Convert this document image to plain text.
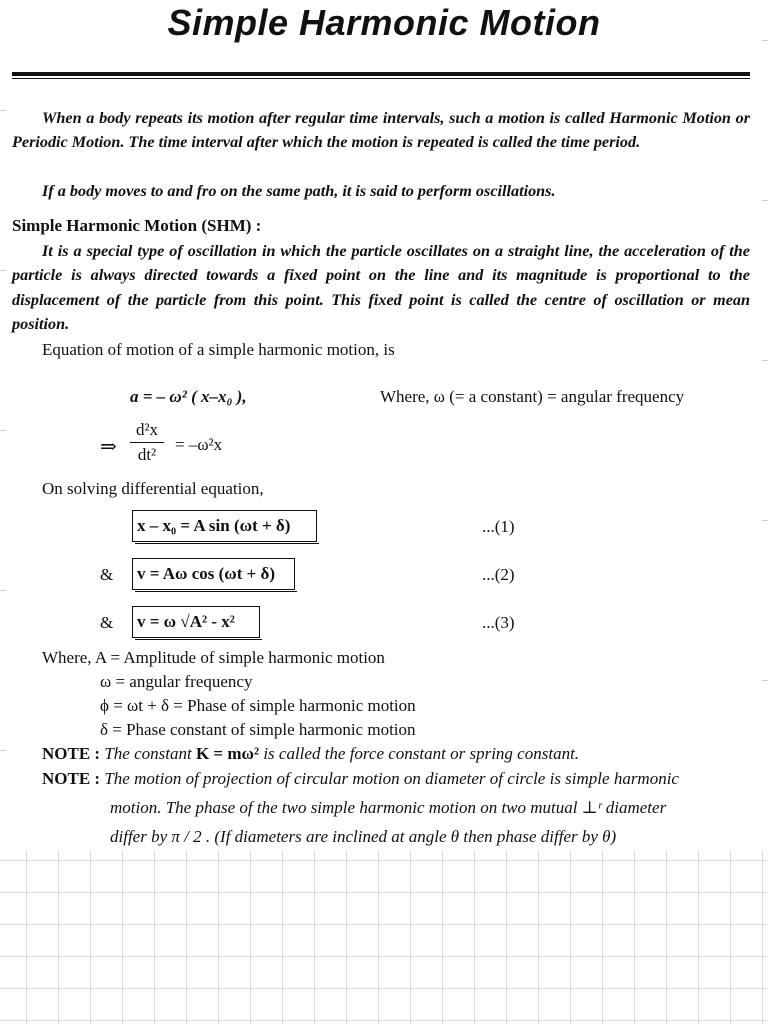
Simple Harmonic Motion
When a body repeats its motion after regular time intervals, such a motion is called Harmonic Motion or Periodic Motion. The time interval after which the motion is repeated is called the time period.
If a body moves to and fro on the same path, it is said to perform oscillations.
Simple Harmonic Motion (SHM) :
It is a special type of oscillation in which the particle oscillates on a straight line, the acceleration of the particle is always directed towards a fixed point on the line and its magnitude is proportional to the displacement of the particle from this point. This fixed point is called the centre of oscillation or mean position.
Equation of motion of a simple harmonic motion, is
a = – ω² ( x–x₀ ),	Where, ω (= a constant) = angular frequency
⇒
d²x
dt²
= –ω²x
On solving differential equation,
x – x₀ = A sin (ωt + δ)	...(1)
& v = Aω cos (ωt + δ)	...(2)
& v = ω √A² - x²	...(3)
Where, A = Amplitude of simple harmonic motion
ω = angular frequency
ϕ = ωt + δ = Phase of simple harmonic motion
δ = Phase constant of simple harmonic motion
NOTE : The constant K = mω² is called the force constant or spring constant.
NOTE : The motion of projection of circular motion on diameter of circle is simple harmonic
motion. The phase of the two simple harmonic motion on two mutual ⊥ʳ diameter
differ by π / 2 . (If diameters are inclined at angle θ then phase differ by θ)
